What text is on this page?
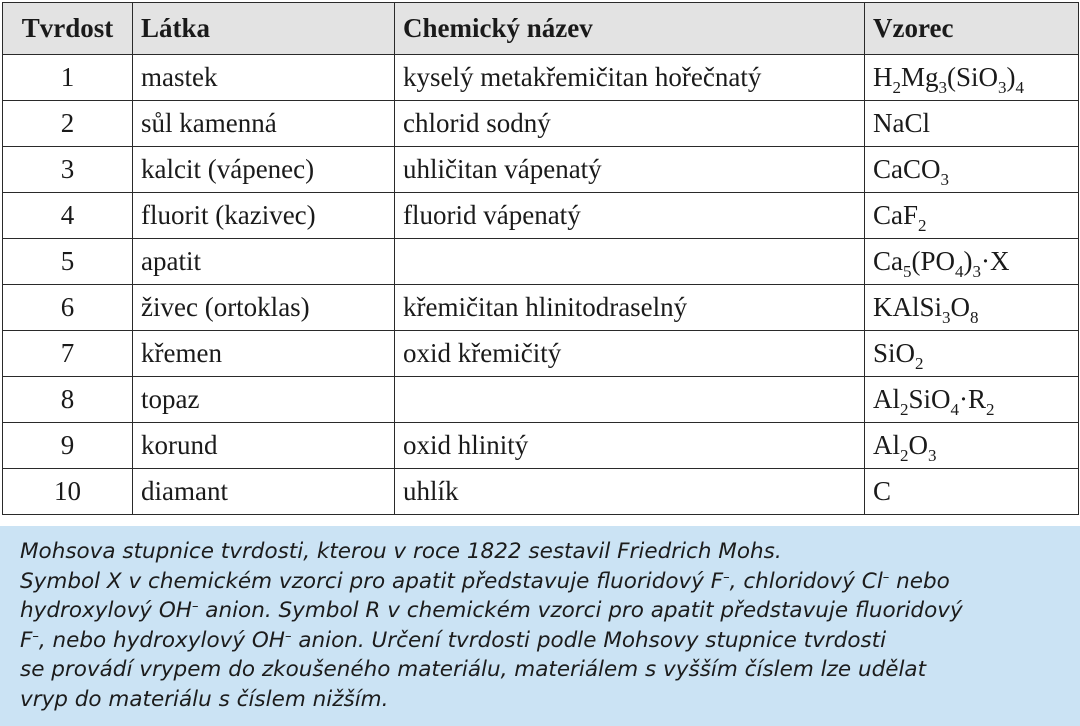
Tvrdost	Látka	Chemický název	Vzorec
1	mastek	kyselý metakřemičitan hořečnatý	$H_2Mg_3(SiO_3)_4$
2	sůl kamenná	chlorid sodný	NaCl
3	kalcit (vápenec)	uhličitan vápenatý	CaCO$_3$
4	fluorit (kazivec)	fluorid vápenatý	CaF$_2$
5	apatit		$Ca_5(PO_4)_3\cdot X$
6	živec (ortoklas)	křemičitan hlinitodraselný	$KAlSi_3O_8$
7	křemen	oxid křemičitý	SiO$_2$
8	topaz		$Al_2SiO_4\cdot R_2$
9	korund	oxid hlinitý	$Al_2O_3$
10	diamant	uhlík	C

Mohsova stupnice tvrdosti, kterou v roce 1822 sestavil Friedrich Mohs.
Symbol X v chemickém vzorci pro apatit představuje fluoridový F–, chloridový Cl– nebo
hydroxylový OH– anion. Symbol R v chemickém vzorci pro apatit představuje fluoridový
F–, nebo hydroxylový OH– anion. Určení tvrdosti podle Mohsovy stupnice tvrdosti
se provádí vrypem do zkoušeného materiálu, materiálem s vyšším číslem lze udělat
vryp do materiálu s číslem nižším.
